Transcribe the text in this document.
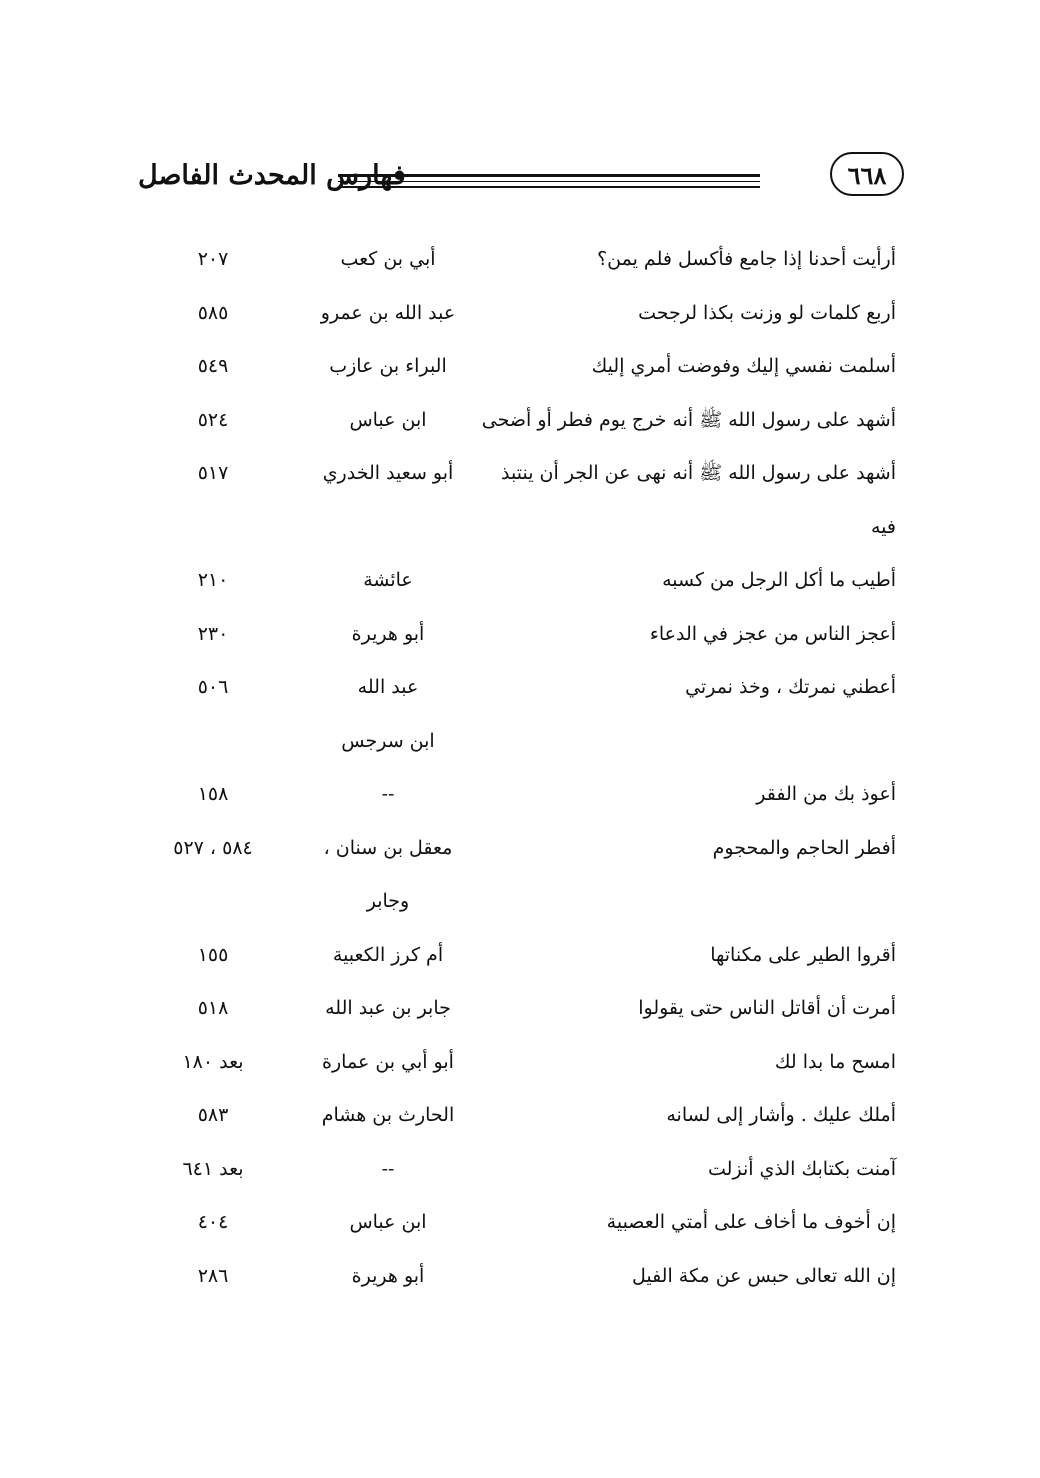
فهارس المحدث الفاصل	٦٦٨
أرأيت أحدنا إذا جامع فأكسل فلم يمن؟
أبي بن كعب
٢٠٧
أربع كلمات لو وزنت بكذا لرجحت
عبد الله بن عمرو
٥٨٥
أسلمت نفسي إليك وفوضت أمري إليك
البراء بن عازب
٥٤٩
أشهد على رسول الله ﷺ أنه خرج يوم فطر أو أضحى
ابن عباس
٥٢٤
أشهد على رسول الله ﷺ أنه نهى عن الجر أن ينتبذ
فيه
أبو سعيد الخدري
٥١٧
أطيب ما أكل الرجل من كسبه
عائشة
٢١٠
أعجز الناس من عجز في الدعاء
أبو هريرة
٢٣٠
أعطني نمرتك ، وخذ نمرتي
عبد الله
ابن سرجس
٥٠٦
أعوذ بك من الفقر
--
١٥٨
أفطر الحاجم والمحجوم
معقل بن سنان ،
وجابر
٥٨٤ ، ٥٢٧
أقروا الطير على مكناتها
أم كرز الكعبية
١٥٥
أمرت أن أقاتل الناس حتى يقولوا
جابر بن عبد الله
٥١٨
امسح ما بدا لك
أبو أبي بن عمارة
بعد ١٨٠
أملك عليك . وأشار إلى لسانه
الحارث بن هشام
٥٨٣
آمنت بكتابك الذي أنزلت
--
بعد ٦٤١
إن أخوف ما أخاف على أمتي العصبية
ابن عباس
٤٠٤
إن الله تعالى حبس عن مكة الفيل
أبو هريرة
٢٨٦
